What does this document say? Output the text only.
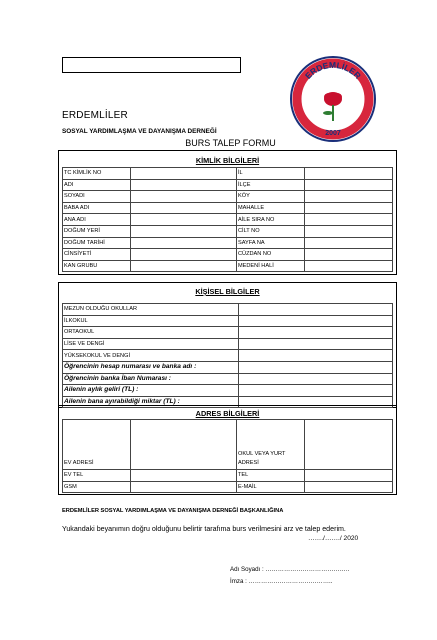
ERDEMLİLER
2007
ERDEMLİLER
SOSYAL YARDIMLAŞMA VE DAYANIŞMA DERNEĞİ
BURS TALEP FORMU
KİMLİK BİLGİLERİ
TC KİMLİK NO		İL	
ADI		İLÇE	
SOYADI		KÖY	
BABA ADI		MAHALLE	
ANA ADI		AİLE SIRA NO	
DOĞUM YERİ		CİLT NO	
DOĞUM TARİHİ		SAYFA NA	
CİNSİYETİ		CÜZDAN NO	
KAN GRUBU		MEDENİ HALİ	
KİŞİSEL BİLGİLER
MEZUN OLDUĞU OKULLAR	
İLKOKUL	
ORTAOKUL	
LİSE VE DENGİ	
YÜKSEKOKUL VE DENGİ	
Öğrencinin hesap numarası ve banka adı :	
Öğrencinin banka İban Numarası :	
Ailenin aylık geliri (TL) :	
Ailenin bana ayırabildiği miktar (TL) :	
ADRES BİLGİLERİ
EV ADRESİ		OKUL VEYA YURT
ADRESİ	
EV TEL		TEL	
GSM		E-MAİL	
ERDEMLİLER SOSYAL YARDIMLAŞMA VE DAYANIŞMA DERNEĞİ BAŞKANLIĞINA
Yukandaki beyanımın doğru olduğunu belirtir tarafıma burs verilmesini arz ve talep ederim.
……./……./ 2020
Adı Soyadı : …………………………………..
İmza : …………………………………..
